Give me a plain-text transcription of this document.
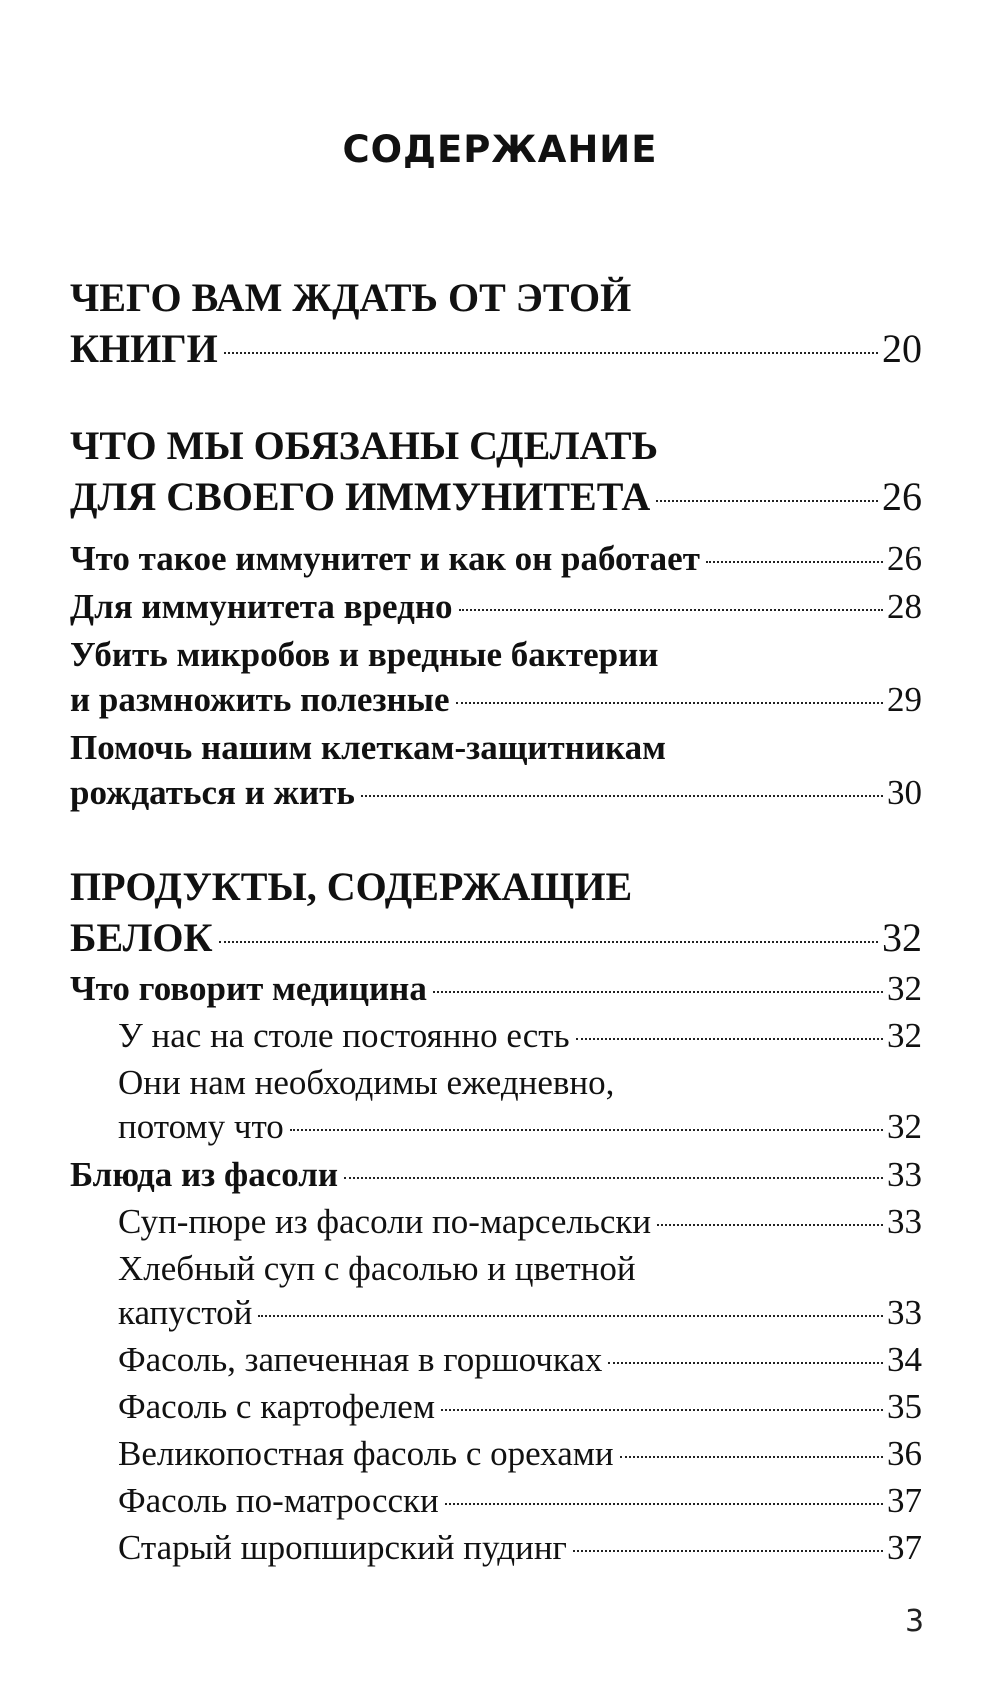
СОДЕРЖАНИЕ
ЧЕГО ВАМ ЖДАТЬ ОТ ЭТОЙ
КНИГИ	20
ЧТО МЫ ОБЯЗАНЫ СДЕЛАТЬ
ДЛЯ СВОЕГО ИММУНИТЕТА	26
Что такое иммунитет и как он работает	26
Для иммунитета вредно	28
Убить микробов и вредные бактерии
и размножить полезные	29
Помочь нашим клеткам-защитникам
рождаться и жить	30
ПРОДУКТЫ, СОДЕРЖАЩИЕ
БЕЛОК	32
Что говорит медицина	32
У нас на столе постоянно есть	32
Они нам необходимы ежедневно,
потому что	32
Блюда из фасоли	33
Суп-пюре из фасоли по-марсельски	33
Хлебный суп с фасолью и цветной
капустой	33
Фасоль, запеченная в горшочках	34
Фасоль с картофелем	35
Великопостная фасоль с орехами	36
Фасоль по-матросски	37
Старый шропширский пудинг	37
3
